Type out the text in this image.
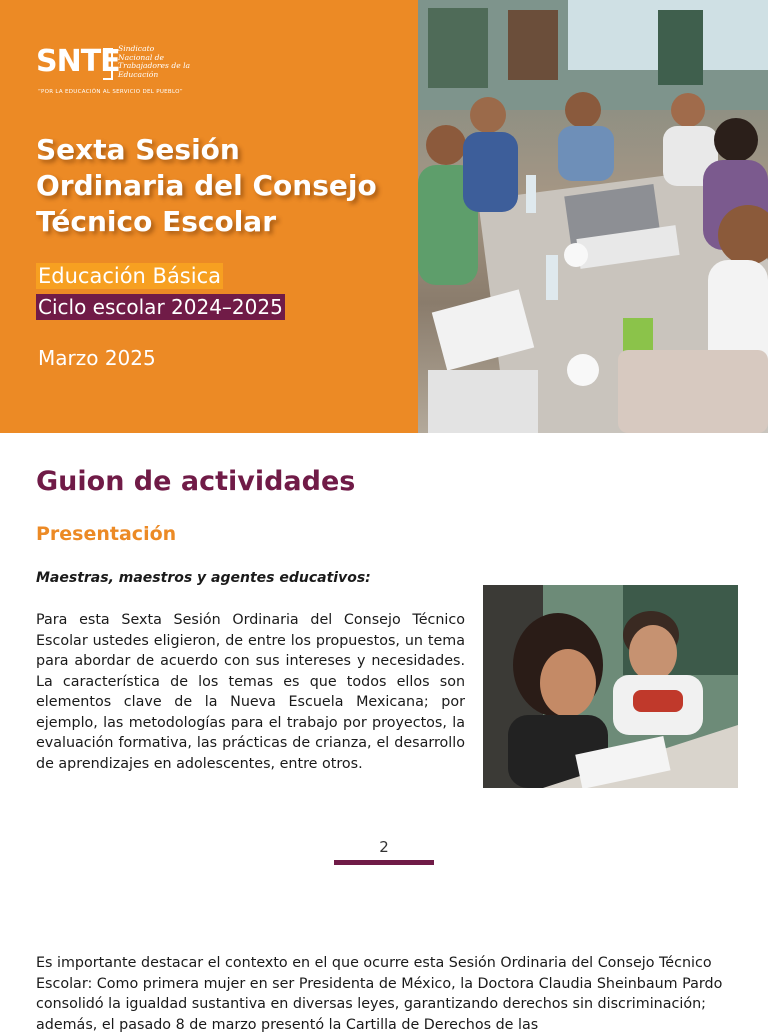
SNTE
Sindicato
Nacional de
Trabajadores de la
Educación
“POR LA EDUCACIÓN AL SERVICIO DEL PUEBLO”
Sexta Sesión
Ordinaria del Consejo
Técnico Escolar
Educación Básica
Ciclo escolar 2024–2025
Marzo 2025
Guion de actividades
Presentación

Maestras, maestros y agentes educativos:

Para esta Sexta Sesión Ordinaria del Consejo Técnico Escolar ustedes eligieron, de entre los propuestos, un tema para abordar de acuerdo con sus intereses y necesidades. La característica de los temas es que todos ellos son elementos clave de la Nueva Escuela Mexicana; por ejemplo, las metodologías para el trabajo por proyectos, la evaluación formativa, las prácticas de crianza, el desarrollo de aprendizajes en adolescentes, entre otros.

2

Es importante destacar el contexto en el que ocurre esta Sesión Ordinaria del Consejo Técnico Escolar: Como primera mujer en ser Presidenta de México, la Doctora Claudia Sheinbaum Pardo consolidó la igualdad sustantiva en diversas leyes, garantizando derechos sin discriminación; además, el pasado 8 de marzo presentó la Cartilla de Derechos de las
